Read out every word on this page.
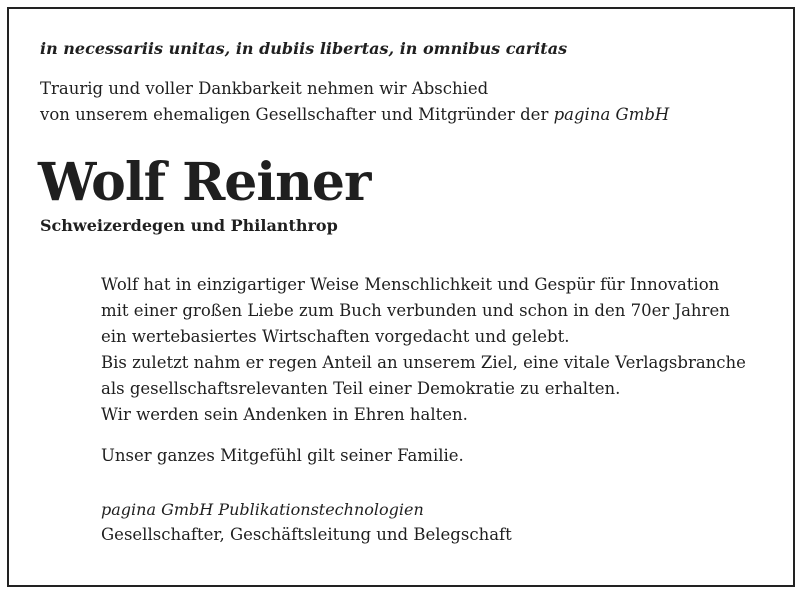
in necessariis unitas, in dubiis libertas, in omnibus caritas
Traurig und voller Dankbarkeit nehmen wir Abschied
von unserem ehemaligen Gesellschafter und Mitgründer der pagina GmbH
Wolf Reiner
Schweizerdegen und Philanthrop
Wolf hat in einzigartiger Weise Menschlichkeit und Gespür für Innovation
mit einer großen Liebe zum Buch verbunden und schon in den 70er Jahren
ein wertebasiertes Wirtschaften vorgedacht und gelebt.
Bis zuletzt nahm er regen Anteil an unserem Ziel, eine vitale Verlagsbranche
als gesellschaftsrelevanten Teil einer Demokratie zu erhalten.
Wir werden sein Andenken in Ehren halten.
Unser ganzes Mitgefühl gilt seiner Familie.
pagina GmbH Publikationstechnologien
Gesellschafter, Geschäftsleitung und Belegschaft
